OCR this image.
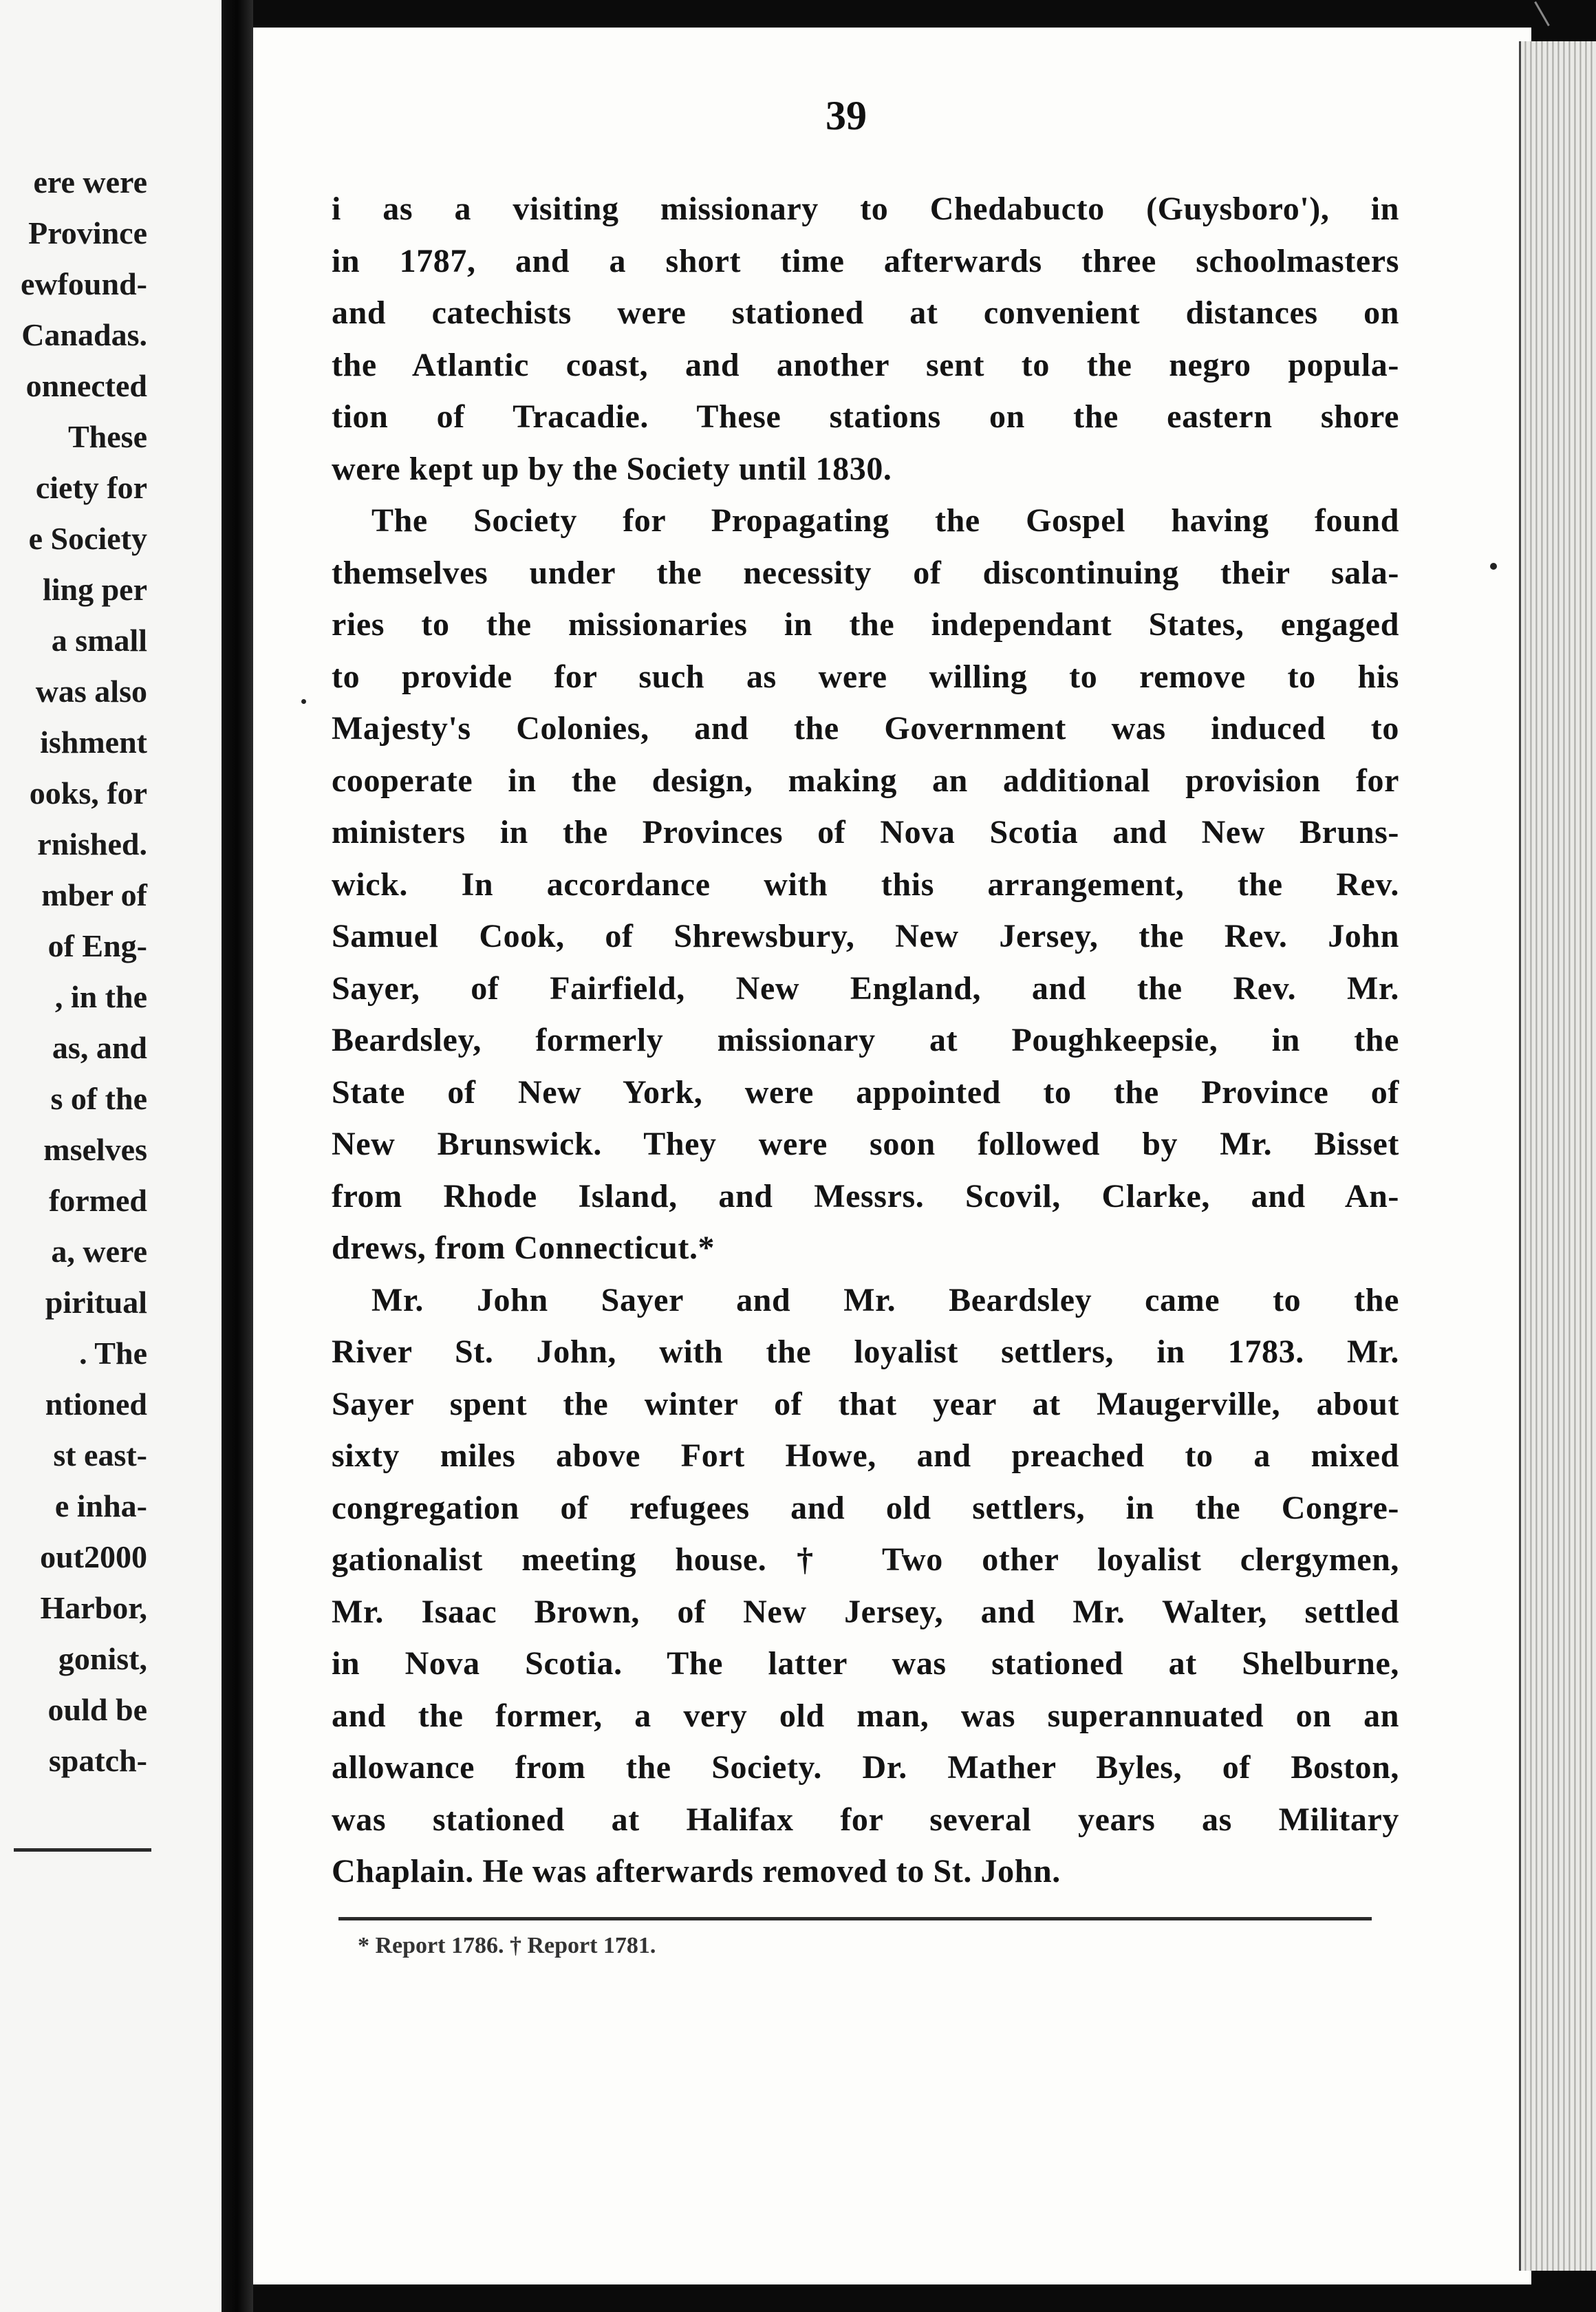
ere were
Province
ewfound-
Canadas.
onnected
These
ciety for
e Society
ling per
a small
was also
ishment
ooks, for
rnished.
mber of
of Eng-
, in the
as, and
s of the
mselves
formed
a, were
piritual
. The
ntioned
st east-
e inha-
out2000
Harbor,
gonist,
ould be
spatch-
39
i as a visiting missionary to Chedabucto (Guysboro'), in
in 1787, and a short time afterwards three schoolmasters
and catechists were stationed at convenient distances on
the Atlantic coast, and another sent to the negro popula-
tion of Tracadie. These stations on the eastern shore
were kept up by the Society until 1830.
The Society for Propagating the Gospel having found
themselves under the necessity of discontinuing their sala-
ries to the missionaries in the independant States, engaged
to provide for such as were willing to remove to his
Majesty's Colonies, and the Government was induced to
cooperate in the design, making an additional provision for
ministers in the Provinces of Nova Scotia and New Bruns-
wick. In accordance with this arrangement, the Rev.
Samuel Cook, of Shrewsbury, New Jersey, the Rev. John
Sayer, of Fairfield, New England, and the Rev. Mr.
Beardsley, formerly missionary at Poughkeepsie, in the
State of New York, were appointed to the Province of
New Brunswick. They were soon followed by Mr. Bisset
from Rhode Island, and Messrs. Scovil, Clarke, and An-
drews, from Connecticut.*
Mr. John Sayer and Mr. Beardsley came to the
River St. John, with the loyalist settlers, in 1783. Mr.
Sayer spent the winter of that year at Maugerville, about
sixty miles above Fort Howe, and preached to a mixed
congregation of refugees and old settlers, in the Congre-
gationalist meeting house.† Two other loyalist clergymen,
Mr. Isaac Brown, of New Jersey, and Mr. Walter, settled
in Nova Scotia. The latter was stationed at Shelburne,
and the former, a very old man, was superannuated on an
allowance from the Society. Dr. Mather Byles, of Boston,
was stationed at Halifax for several years as Military
Chaplain. He was afterwards removed to St. John.
* Report 1786. † Report 1781.
